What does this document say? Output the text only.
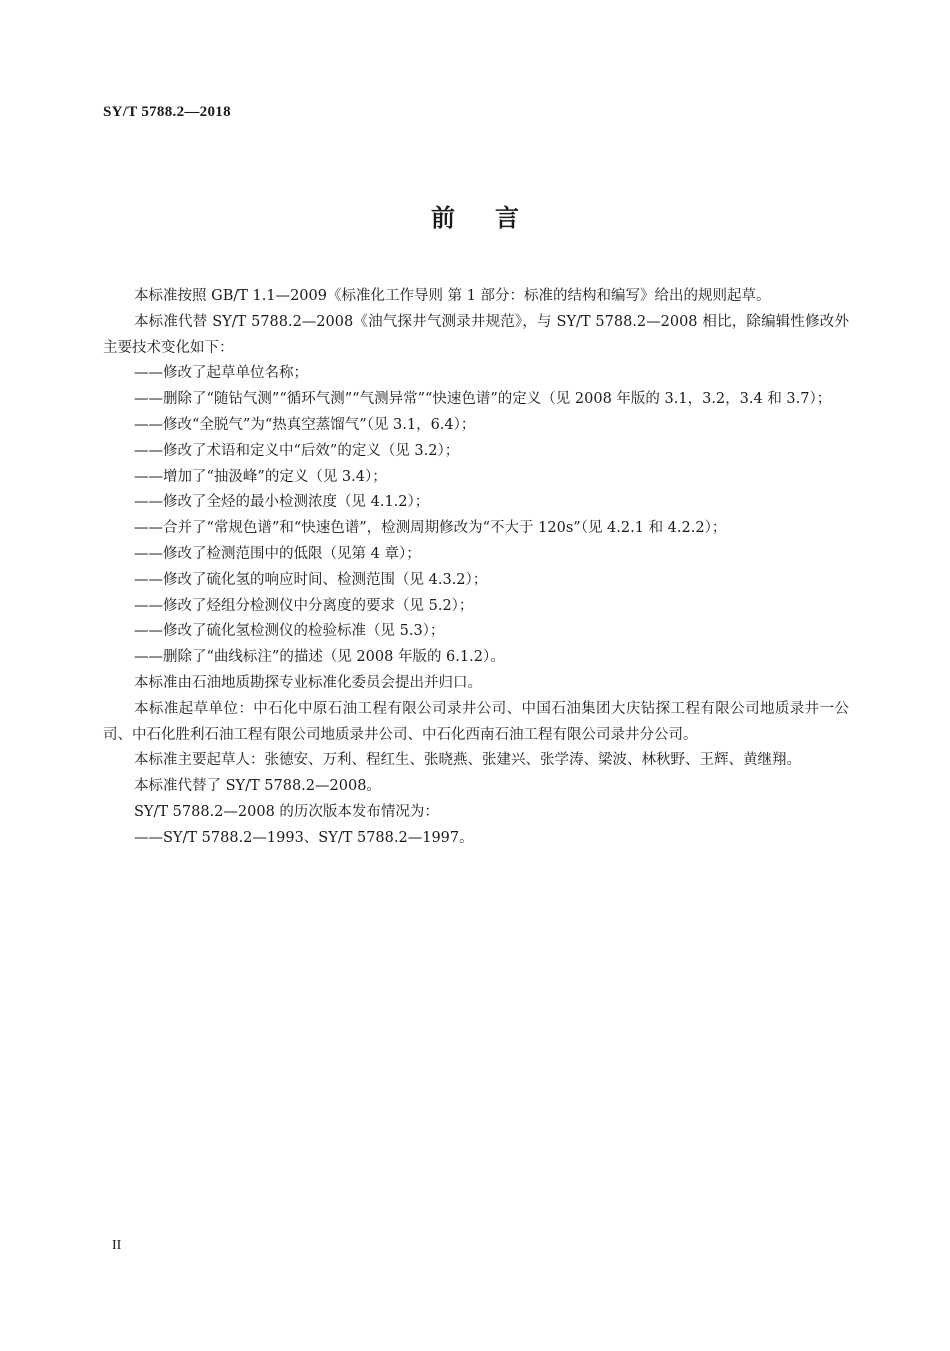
SY/T 5788.2—2018
前言

本标准按照 GB/T 1.1—2009《标准化工作导则 第 1 部分：标准的结构和编写》给出的规则起草。

本标准代替 SY/T 5788.2—2008《油气探井气测录井规范》，与 SY/T 5788.2—2008 相比，除编辑性修改外主要技术变化如下：

——修改了起草单位名称；

——删除了“随钻气测”“循环气测”“气测异常”“快速色谱”的定义（见 2008 年版的 3.1，3.2，3.4 和 3.7）；

——修改“全脱气”为“热真空蒸馏气”（见 3.1，6.4）；

——修改了术语和定义中“后效”的定义（见 3.2）；

——增加了“抽汲峰”的定义（见 3.4）；

——修改了全烃的最小检测浓度（见 4.1.2）；

——合并了“常规色谱”和“快速色谱”，检测周期修改为“不大于 120s”（见 4.2.1 和 4.2.2）；

——修改了检测范围中的低限（见第 4 章）；

——修改了硫化氢的响应时间、检测范围（见 4.3.2）；

——修改了烃组分检测仪中分离度的要求（见 5.2）；

——修改了硫化氢检测仪的检验标准（见 5.3）；

——删除了“曲线标注”的描述（见 2008 年版的 6.1.2）。

本标准由石油地质勘探专业标准化委员会提出并归口。

本标准起草单位：中石化中原石油工程有限公司录井公司、中国石油集团大庆钻探工程有限公司地质录井一公司、中石化胜利石油工程有限公司地质录井公司、中石化西南石油工程有限公司录井分公司。

本标准主要起草人：张德安、万利、程红生、张晓燕、张建兴、张学涛、梁波、林秋野、王辉、黄继翔。

本标准代替了 SY/T 5788.2—2008。

SY/T 5788.2—2008 的历次版本发布情况为：

——SY/T 5788.2—1993、SY/T 5788.2—1997。

II
